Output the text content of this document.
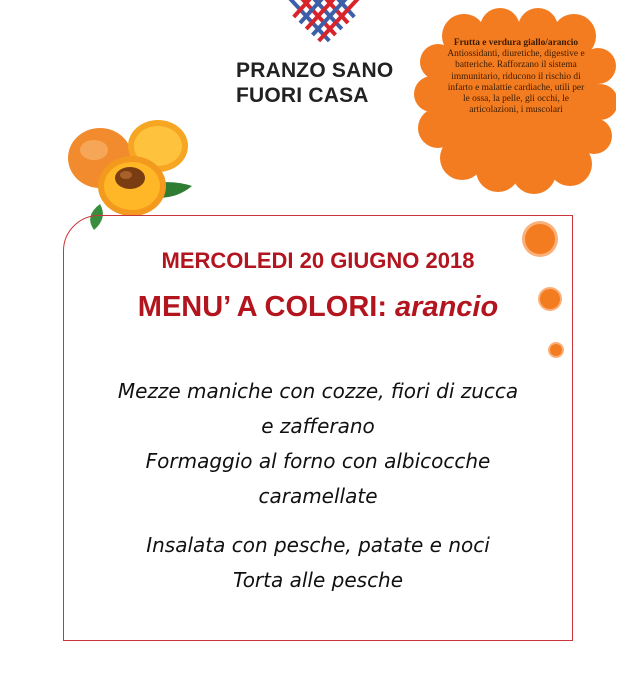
PRANZO SANO
FUORI CASA
Frutta e verdura giallo/arancio
Antiossidanti, diuretiche, digestive e batteriche. Rafforzano il sistema immunitario, riducono il rischio di infarto e malattie cardiache, utili per le ossa, la pelle, gli occhi, le articolazioni, i muscolari
MERCOLEDI 20 GIUGNO 2018
MENU’ A COLORI: arancio
Mezze maniche con cozze, fiori di zucca
e zafferano
Formaggio al forno con albicocche
caramellate
Insalata con pesche, patate e noci
Torta alle pesche
